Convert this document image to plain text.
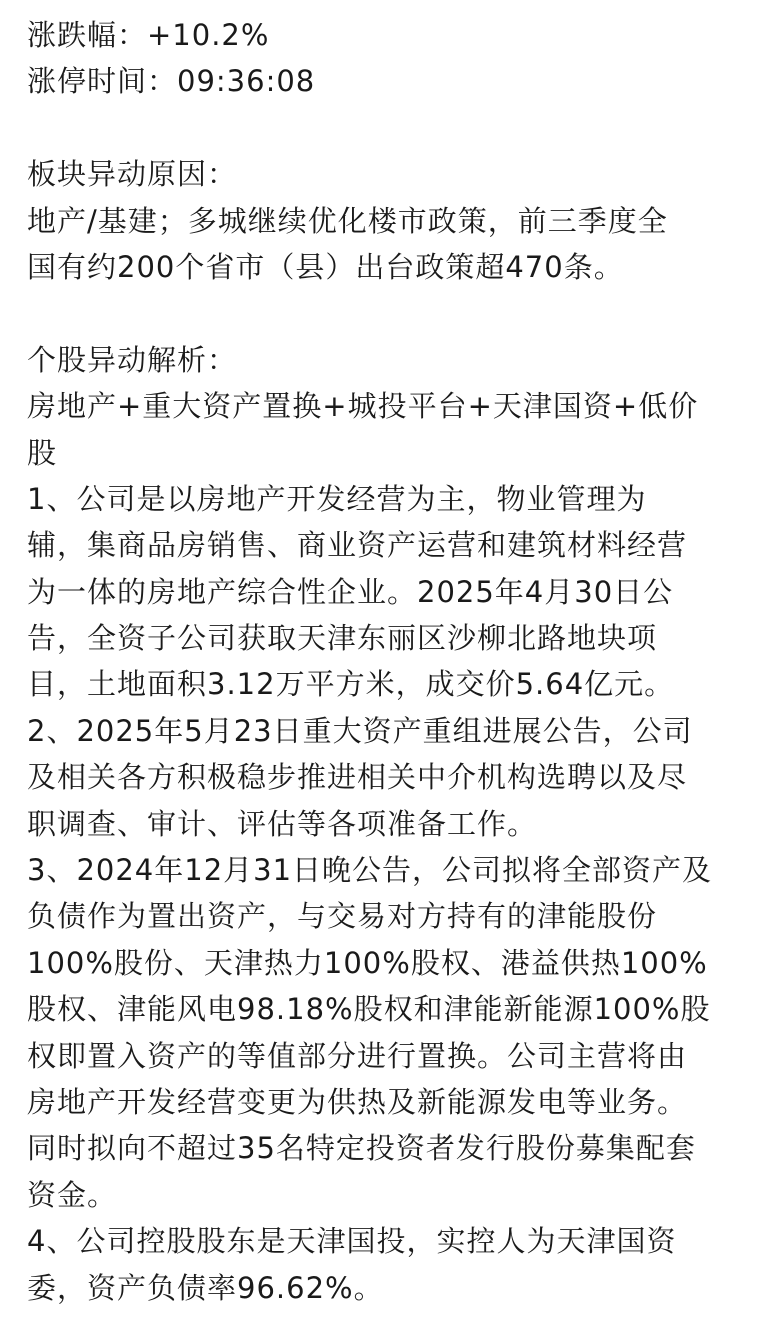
涨跌幅：+10.2%
涨停时间：09:36:08
板块异动原因：
地产/基建；多城继续优化楼市政策，前三季度全
国有约200个省市（县）出台政策超470条。
个股异动解析：
房地产+重大资产置换+城投平台+天津国资+低价
股
1、公司是以房地产开发经营为主，物业管理为
辅，集商品房销售、商业资产运营和建筑材料经营
为一体的房地产综合性企业。2025年4月30日公
告，全资子公司获取天津东丽区沙柳北路地块项
目，土地面积3.12万平方米，成交价5.64亿元。
2、2025年5月23日重大资产重组进展公告，公司
及相关各方积极稳步推进相关中介机构选聘以及尽
职调查、审计、评估等各项准备工作。
3、2024年12月31日晚公告，公司拟将全部资产及
负债作为置出资产，与交易对方持有的津能股份
100%股份、天津热力100%股权、港益供热100%
股权、津能风电98.18%股权和津能新能源100%股
权即置入资产的等值部分进行置换。公司主营将由
房地产开发经营变更为供热及新能源发电等业务。
同时拟向不超过35名特定投资者发行股份募集配套
资金。
4、公司控股股东是天津国投，实控人为天津国资
委，资产负债率96.62%。
